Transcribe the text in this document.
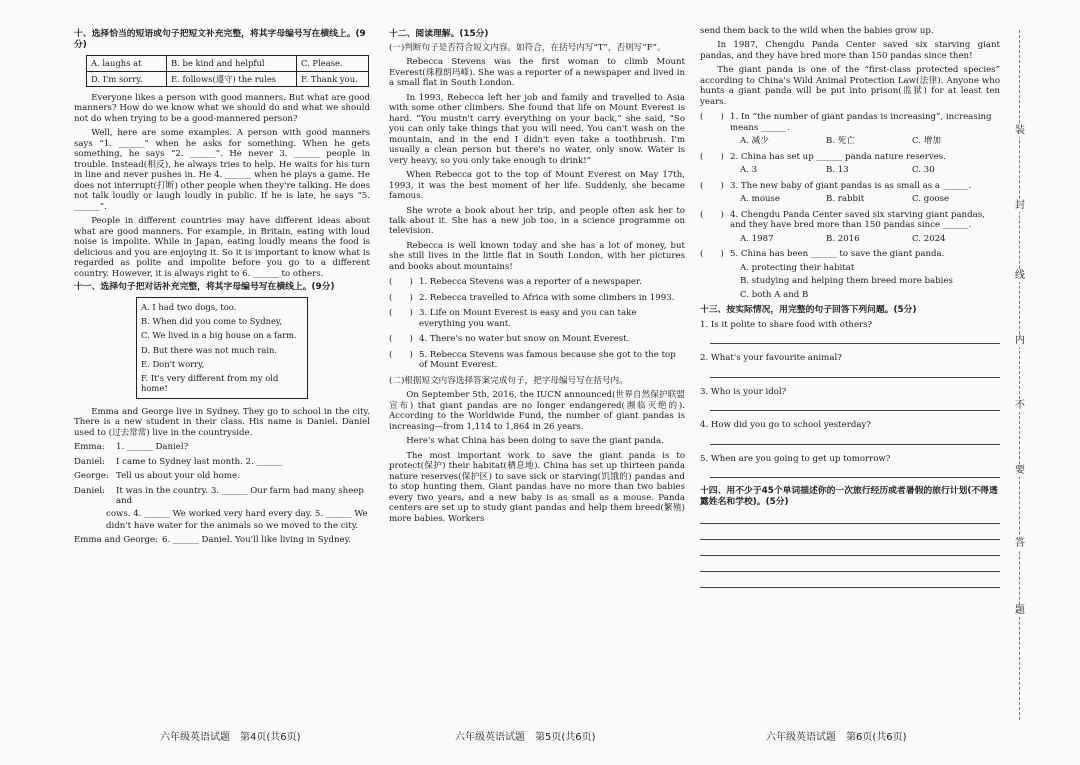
十、选择恰当的短语或句子把短文补充完整，将其字母编号写在横线上。(9分)
A. laughs at	B. be kind and helpful	C. Please.
D. I'm sorry.	E. follows(遵守) the rules	F. Thank you.

Everyone likes a person with good manners. But what are good manners? How do we know what we should do and what we should not do when trying to be a good-mannered person?

Well, here are some examples. A person with good manners says “1. ______” when he asks for something. When he gets something, he says “2. ______”. He never 3. ______ people in trouble. Instead(相反), he always tries to help. He waits for his turn in line and never pushes in. He 4. ______ when he plays a game. He does not interrupt(打断) other people when they're talking. He does not talk loudly or laugh loudly in public. If he is late, he says “5. ______”.

People in different countries may have different ideas about what are good manners. For example, in Britain, eating with loud noise is impolite. While in Japan, eating loudly means the food is delicious and you are enjoying it. So it is important to know what is regarded as polite and impolite before you go to a different country. However, it is always right to 6. ______ to others.

十一、选择句子把对话补充完整，将其字母编号写在横线上。(9分)
A. I had two dogs, too.
B. When did you come to Sydney,
C. We lived in a big house on a farm.
D. But there was not much rain.
E. Don't worry,
F. It's very different from my old home!

Emma and George live in Sydney. They go to school in the city. There is a new student in their class. His name is Daniel. Daniel used to (过去常常) live in the countryside.

Emma:	1. ______ Daniel?
Daniel:	I came to Sydney last month. 2. ______
George: Tell us about your old home.
Daniel:	It was in the country. 3. ______ Our farm had many sheep and
cows. 4. ______ We worked very hard every day. 5. ______ We
didn't have water for the animals so we moved to the city.
Emma and George: 6. ______ Daniel. You'll like living in Sydney.
十二、阅读理解。(15分)
(一)判断句子是否符合短文内容。如符合，在括号内写“T”，否则写“F”。

Rebecca Stevens was the first woman to climb Mount Everest(珠穆朗玛峰). She was a reporter of a newspaper and lived in a small flat in South London.

In 1993, Rebecca left her job and family and travelled to Asia with some other climbers. She found that life on Mount Everest is hard. “You mustn't carry everything on your back,” she said, “So you can only take things that you will need. You can't wash on the mountain, and in the end I didn't even take a toothbrush. I'm usually a clean person but there's no water, only snow. Water is very heavy, so you only take enough to drink!”

When Rebecca got to the top of Mount Everest on May 17th, 1993, it was the best moment of her life. Suddenly, she became famous.

She wrote a book about her trip, and people often ask her to talk about it. She has a new job too, in a science programme on television.

Rebecca is well known today and she has a lot of money, but she still lives in the little flat in South London, with her pictures and books about mountains!

(　　) 1. Rebecca Stevens was a reporter of a newspaper.
(　　) 2. Rebecca travelled to Africa with some climbers in 1993.
(　　) 3. Life on Mount Everest is easy and you can take everything you want.
(　　) 4. There's no water but snow on Mount Everest.
(　　) 5. Rebecca Stevens was famous because she got to the top of Mount Everest.
(二)根据短文内容选择答案完成句子，把字母编号写在括号内。

On September 5th, 2016, the IUCN announced(世界自然保护联盟宣布) that giant pandas are no longer endangered(濒临灭绝的). According to the Worldwide Fund, the number of giant pandas is increasing—from 1,114 to 1,864 in 26 years.

Here's what China has been doing to save the giant panda.

The most important work to save the giant panda is to protect(保护) their habitat(栖息地). China has set up thirteen panda nature reserves(保护区) to save sick or starving(饥饿的) pandas and to stop hunting them. Giant pandas have no more than two babies every two years, and a new baby is as small as a mouse. Panda centers are set up to study giant pandas and help them breed(繁殖) more babies. Workers

send them back to the wild when the babies grow up.

In 1987, Chengdu Panda Center saved six starving giant pandas, and they have bred more than 150 pandas since then!

The giant panda is one of the “first-class protected species” according to China's Wild Animal Protection Law(法律). Anyone who hunts a giant panda will be put into prison(监狱) for at least ten years.

(　　) 1. In “the number of giant pandas is increasing”, increasing means ______.
A. 减少	B. 死亡	C. 增加
(　　) 2. China has set up ______ panda nature reserves.
A. 3	B. 13	C. 30
(　　) 3. The new baby of giant pandas is as small as a ______.
A. mouse	B. rabbit	C. goose
(　　) 4. Chengdu Panda Center saved six starving giant pandas, and they have bred more than 150 pandas since ______.
A. 1987	B. 2016	C. 2024
(　　) 5. China has been ______ to save the giant panda.
A. protecting their habitat
B. studying and helping them breed more babies
C. both A and B
十三、按实际情况，用完整的句子回答下列问题。(5分)
1. Is it polite to share food with others?
2. What's your favourite animal?
3. Who is your idol?
4. How did you go to school yesterday?
5. When are you going to get up tomorrow?
十四、用不少于45个单词描述你的一次旅行经历或者暑假的旅行计划(不得透露姓名和学校)。(5分)
六年级英语试题　第4页(共6页)	六年级英语试题　第5页(共6页)	六年级英语试题　第6页(共6页)
装
封
线
内
不
要
答
题
